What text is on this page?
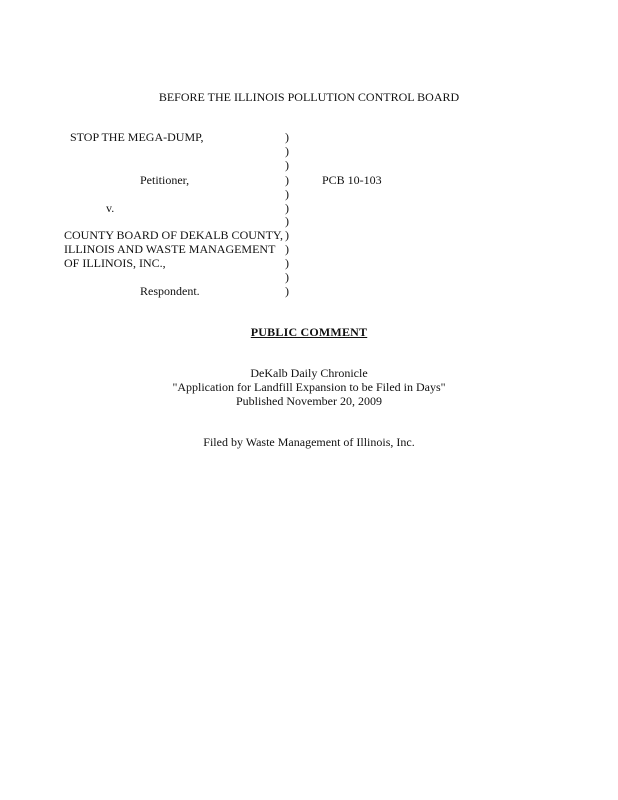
BEFORE THE ILLINOIS POLLUTION CONTROL BOARD
STOP THE MEGA-DUMP,
Petitioner,
v.
COUNTY BOARD OF DEKALB COUNTY,
ILLINOIS AND WASTE MANAGEMENT
OF ILLINOIS, INC.,
Respondent.
PCB 10-103
)
)
)
)
)
)
)
)
)
)
)
)
PUBLIC COMMENT
DeKalb Daily Chronicle
"Application for Landfill Expansion to be Filed in Days"
Published November 20, 2009
Filed by Waste Management of Illinois, Inc.
